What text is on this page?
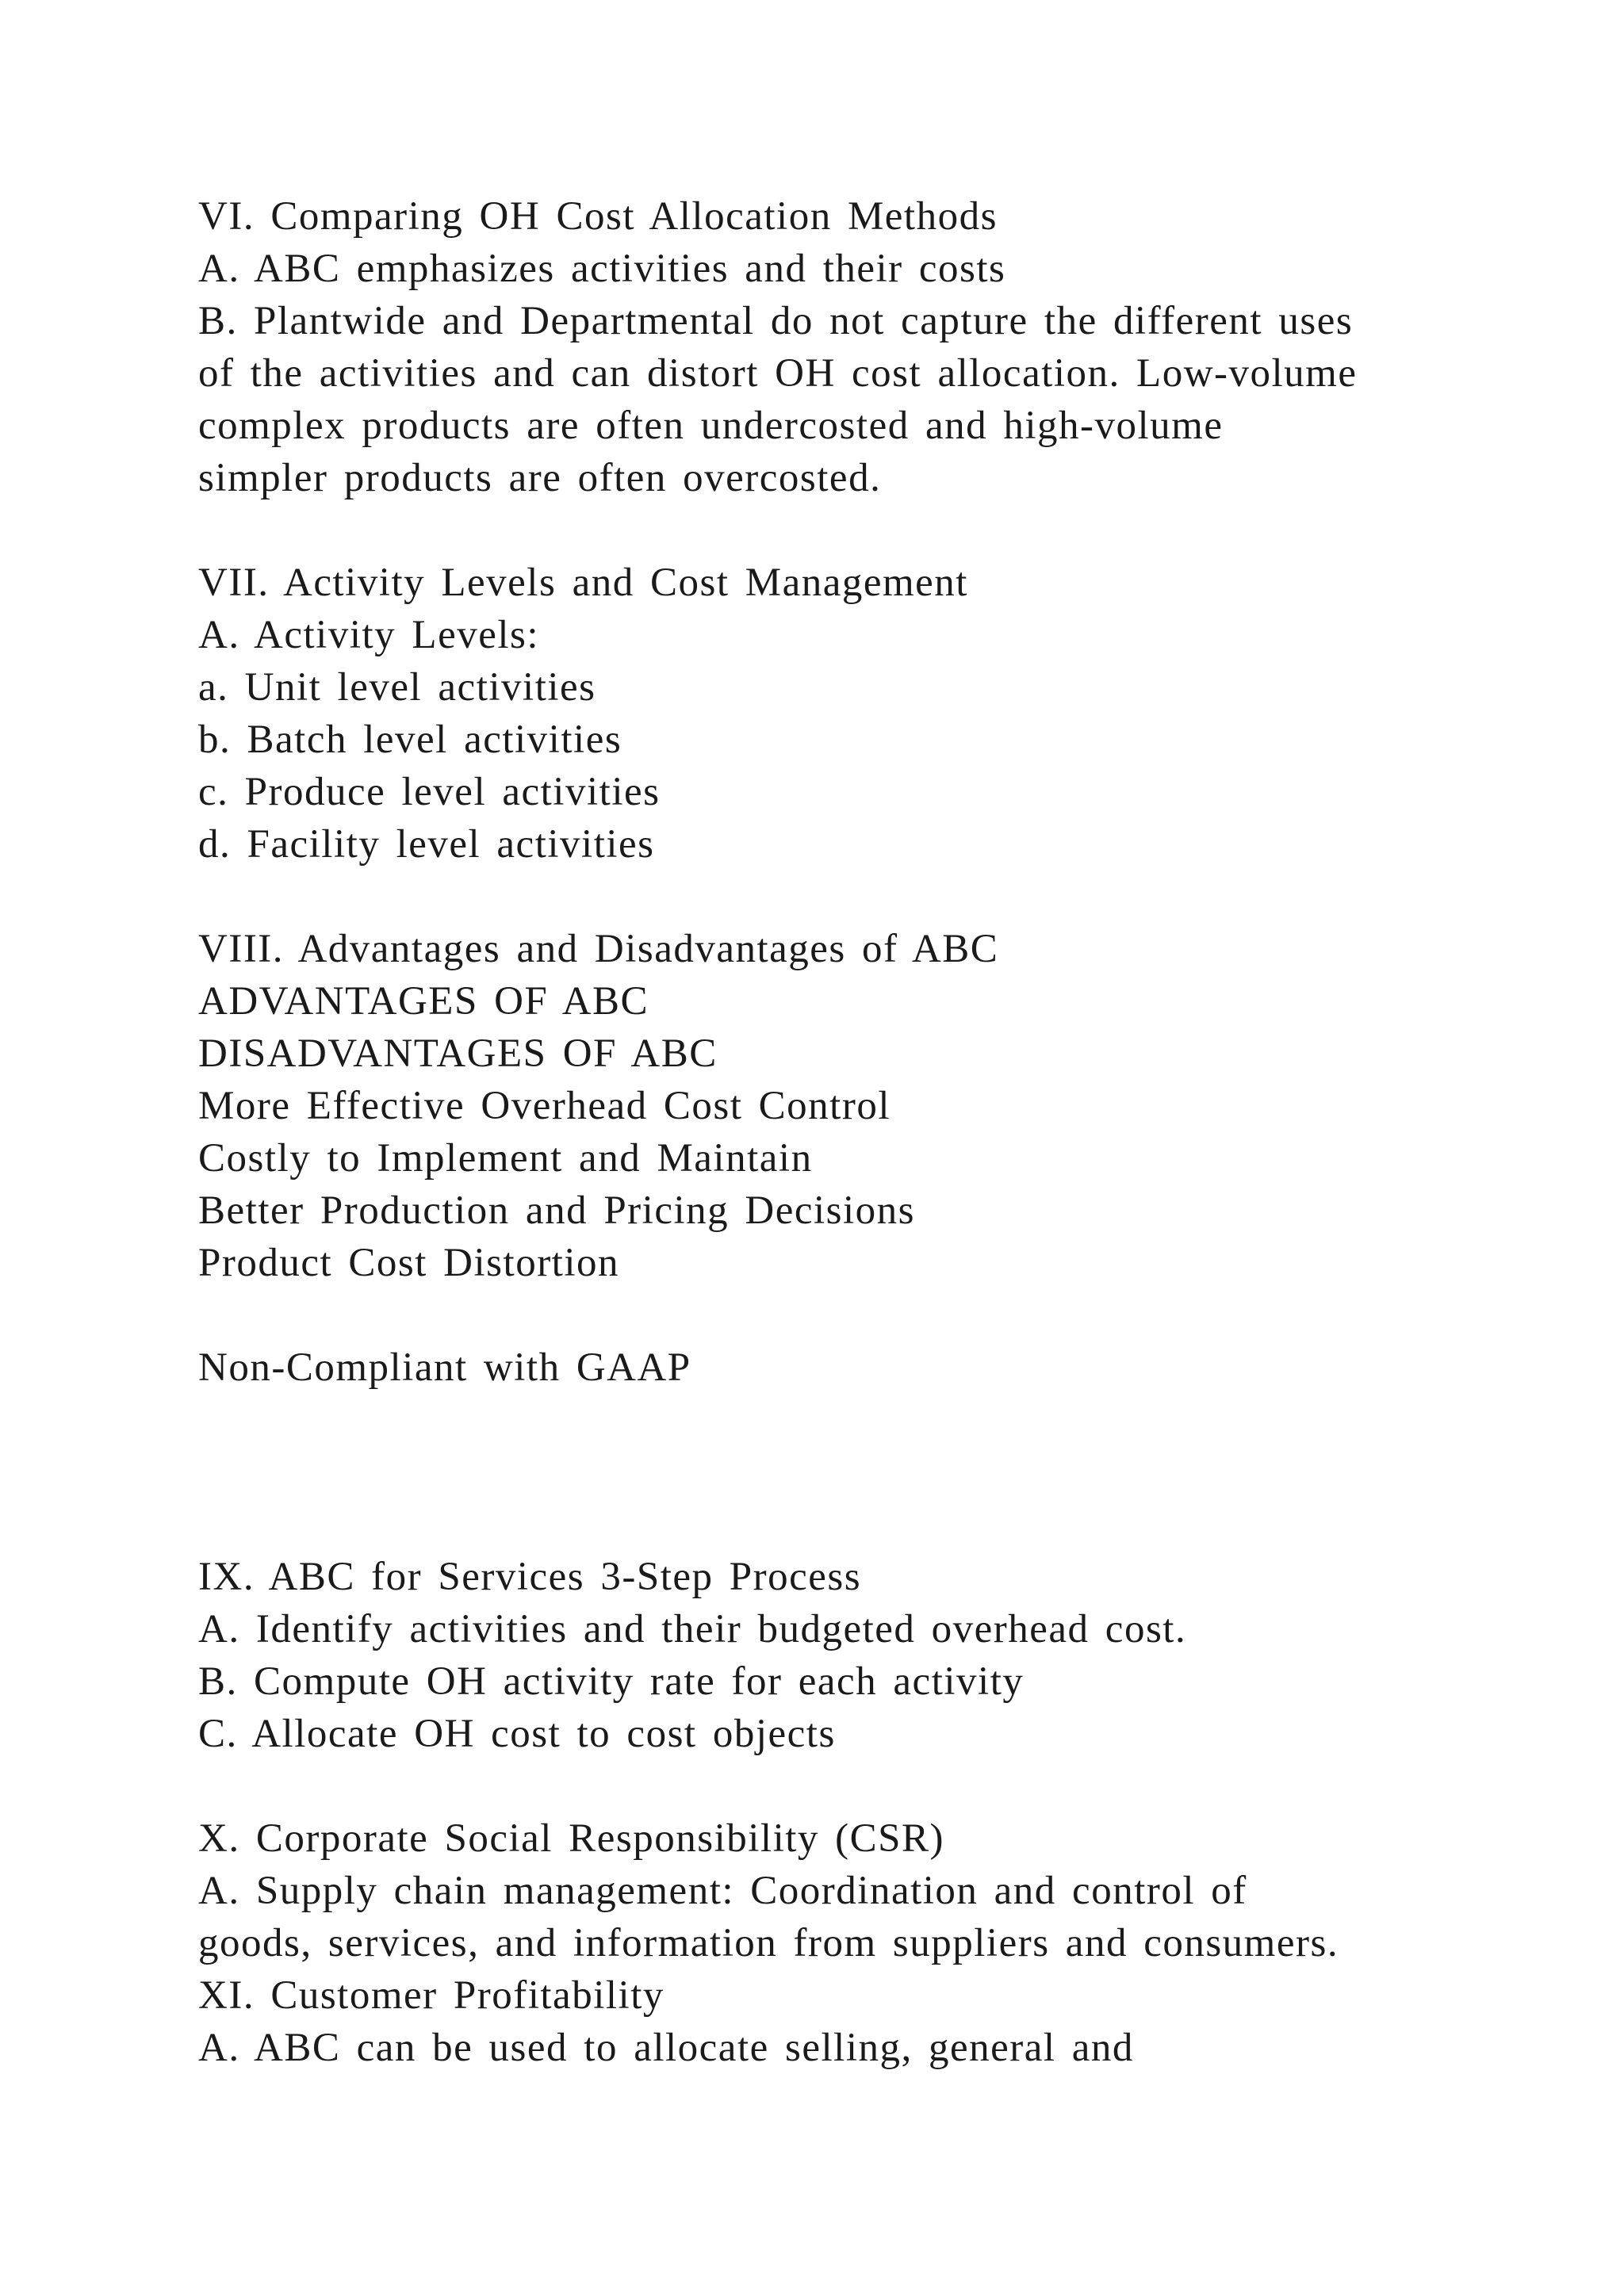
VI. Comparing OH Cost Allocation Methods
A. ABC emphasizes activities and their costs
B. Plantwide and Departmental do not capture the different uses
of the activities and can distort OH cost allocation. Low-volume
complex products are often undercosted and high-volume
simpler products are often overcosted.
VII. Activity Levels and Cost Management
A. Activity Levels:
a. Unit level activities
b. Batch level activities
c. Produce level activities
d. Facility level activities
VIII. Advantages and Disadvantages of ABC
ADVANTAGES OF ABC
DISADVANTAGES OF ABC
More Effective Overhead Cost Control
Costly to Implement and Maintain
Better Production and Pricing Decisions
Product Cost Distortion
Non-Compliant with GAAP
IX. ABC for Services 3-Step Process
A. Identify activities and their budgeted overhead cost.
B. Compute OH activity rate for each activity
C. Allocate OH cost to cost objects
X. Corporate Social Responsibility (CSR)
A. Supply chain management: Coordination and control of
goods, services, and information from suppliers and consumers.
XI. Customer Profitability
A. ABC can be used to allocate selling, general and
